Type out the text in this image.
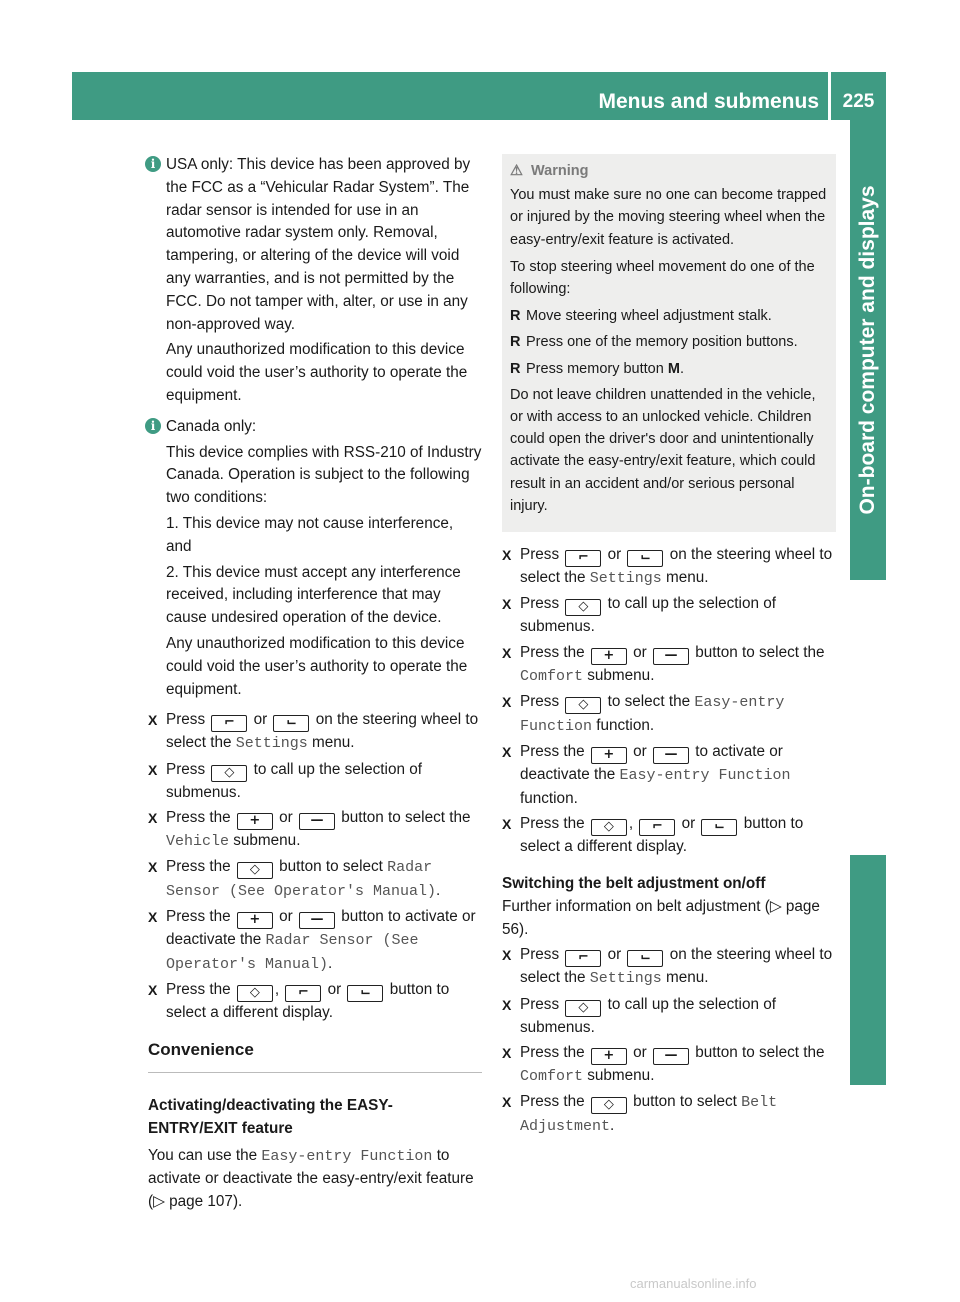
Menus and submenus	225
On-board computer and displays
i USA only: This device has been approved by the FCC as a “Vehicular Radar System”. The radar sensor is intended for use in an automotive radar system only. Removal, tampering, or altering of the device will void any warranties, and is not permitted by the FCC. Do not tamper with, alter, or use in any non-approved way.

Any unauthorized modification to this device could void the user’s authority to operate the equipment.

i Canada only:

This device complies with RSS-210 of Industry Canada. Operation is subject to the following two conditions:

1. This device may not cause interference, and

2. This device must accept any interference received, including interference that may cause undesired operation of the device.

Any unauthorized modification to this device could void the user’s authority to operate the equipment.

X Press ⌐ or ⌙ on the steering wheel to select the Settings menu.
X Press ◇ to call up the selection of submenus.
X Press the + or — button to select the Vehicle submenu.
X Press the ◇ button to select Radar Sensor (See Operator's Manual).
X Press the + or — button to activate or deactivate the Radar Sensor (See Operator's Manual).
X Press the ◇ , ⌐ or ⌙ button to select a different display.
Convenience
Activating/deactivating the EASY-ENTRY/EXIT feature

You can use the Easy-entry Function to activate or deactivate the easy-entry/exit feature (▷ page 107).

⚠ Warning

You must make sure no one can become trapped or injured by the moving steering wheel when the easy-entry/exit feature is activated.

To stop steering wheel movement do one of the following:

R Move steering wheel adjustment stalk.
R Press one of the memory position buttons.
R Press memory button M.

Do not leave children unattended in the vehicle, or with access to an unlocked vehicle. Children could open the driver's door and unintentionally activate the easy-entry/exit feature, which could result in an accident and/or serious personal injury.

X Press ⌐ or ⌙ on the steering wheel to select the Settings menu.
X Press ◇ to call up the selection of submenus.
X Press the + or — button to select the Comfort submenu.
X Press ◇ to select the Easy-entry Function function.
X Press the + or — to activate or deactivate the Easy-entry Function function.
X Press the ◇ , ⌐ or ⌙ button to select a different display.
Switching the belt adjustment on/off

Further information on belt adjustment (▷ page 56).

X Press ⌐ or ⌙ on the steering wheel to select the Settings menu.
X Press ◇ to call up the selection of submenus.
X Press the + or — button to select the Comfort submenu.
X Press the ◇ button to select Belt Adjustment.
carmanualsonline.info
